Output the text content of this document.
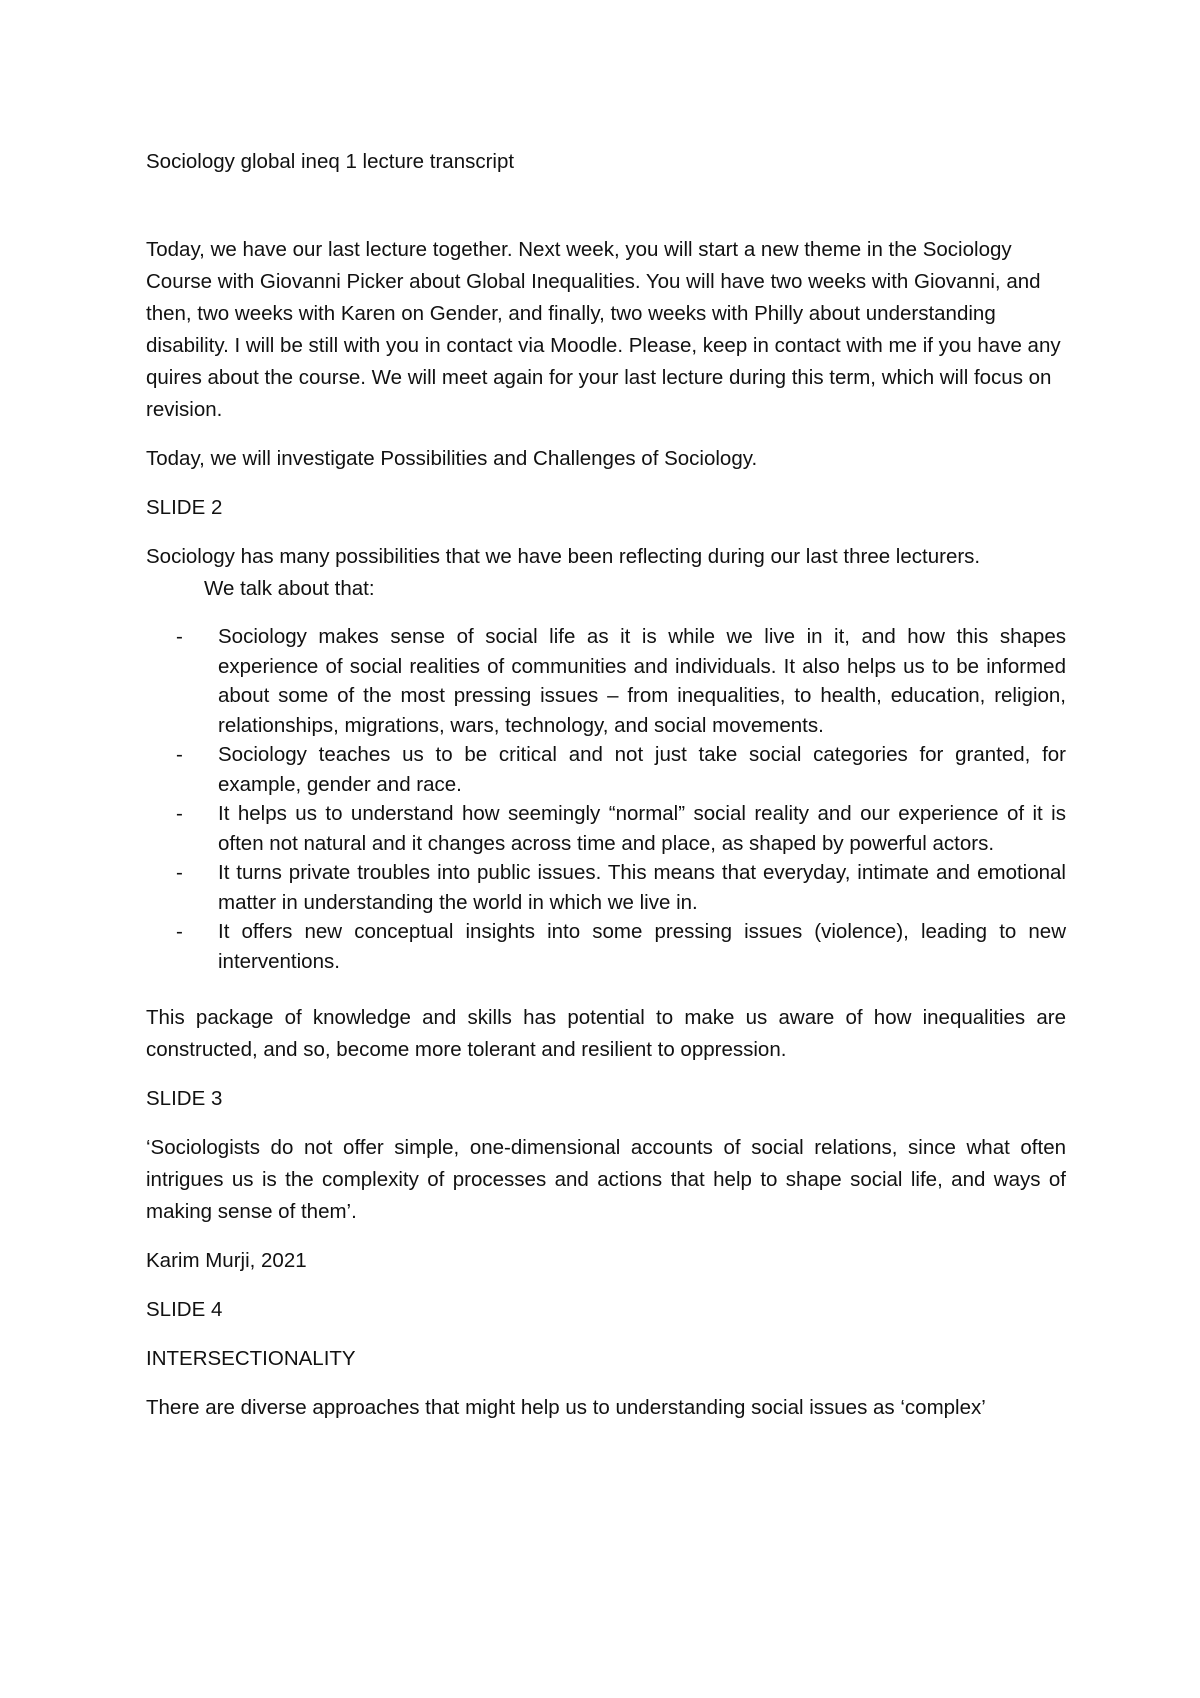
Sociology global ineq 1 lecture transcript

Today, we have our last lecture together. Next week, you will start a new theme in the Sociology Course with Giovanni Picker about Global Inequalities. You will have two weeks with Giovanni, and then, two weeks with Karen on Gender, and finally, two weeks with Philly about understanding disability. I will be still with you in contact via Moodle. Please, keep in contact with me if you have any quires about the course. We will meet again for your last lecture during this term, which will focus on revision.

Today, we will investigate Possibilities and Challenges of Sociology.

SLIDE 2

Sociology has many possibilities that we have been reflecting during our last three lecturers.

We talk about that:

- Sociology makes sense of social life as it is while we live in it, and how this shapes experience of social realities of communities and individuals. It also helps us to be informed about some of the most pressing issues – from inequalities, to health, education, religion, relationships, migrations, wars, technology, and social movements.
- Sociology teaches us to be critical and not just take social categories for granted, for example, gender and race.
- It helps us to understand how seemingly “normal” social reality and our experience of it is often not natural and it changes across time and place, as shaped by powerful actors.
- It turns private troubles into public issues. This means that everyday, intimate and emotional matter in understanding the world in which we live in.
- It offers new conceptual insights into some pressing issues (violence), leading to new interventions.

This package of knowledge and skills has potential to make us aware of how inequalities are constructed, and so, become more tolerant and resilient to oppression.

SLIDE 3

‘Sociologists do not offer simple, one-dimensional accounts of social relations, since what often intrigues us is the complexity of processes and actions that help to shape social life, and ways of making sense of them’.

Karim Murji, 2021

SLIDE 4

INTERSECTIONALITY

There are diverse approaches that might help us to understanding social issues as ‘complex’
